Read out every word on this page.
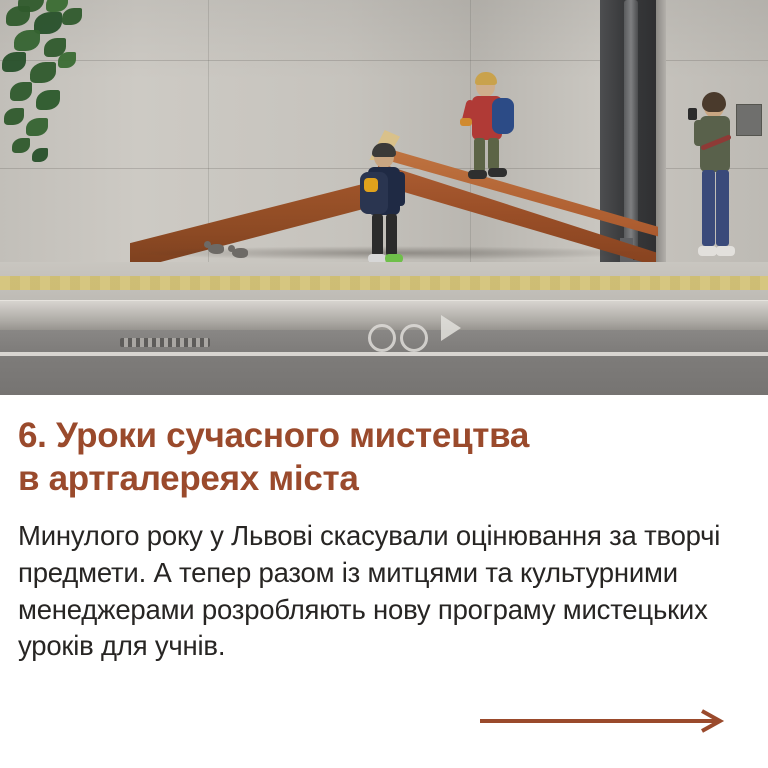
6. Уроки сучасного мистецтва
в артгалереях міста

Минулого року у Львові скасували оцінювання за творчі предмети. А тепер разом із митцями та культурними менеджерами розробляють нову програму мистецьких уроків для учнів.
